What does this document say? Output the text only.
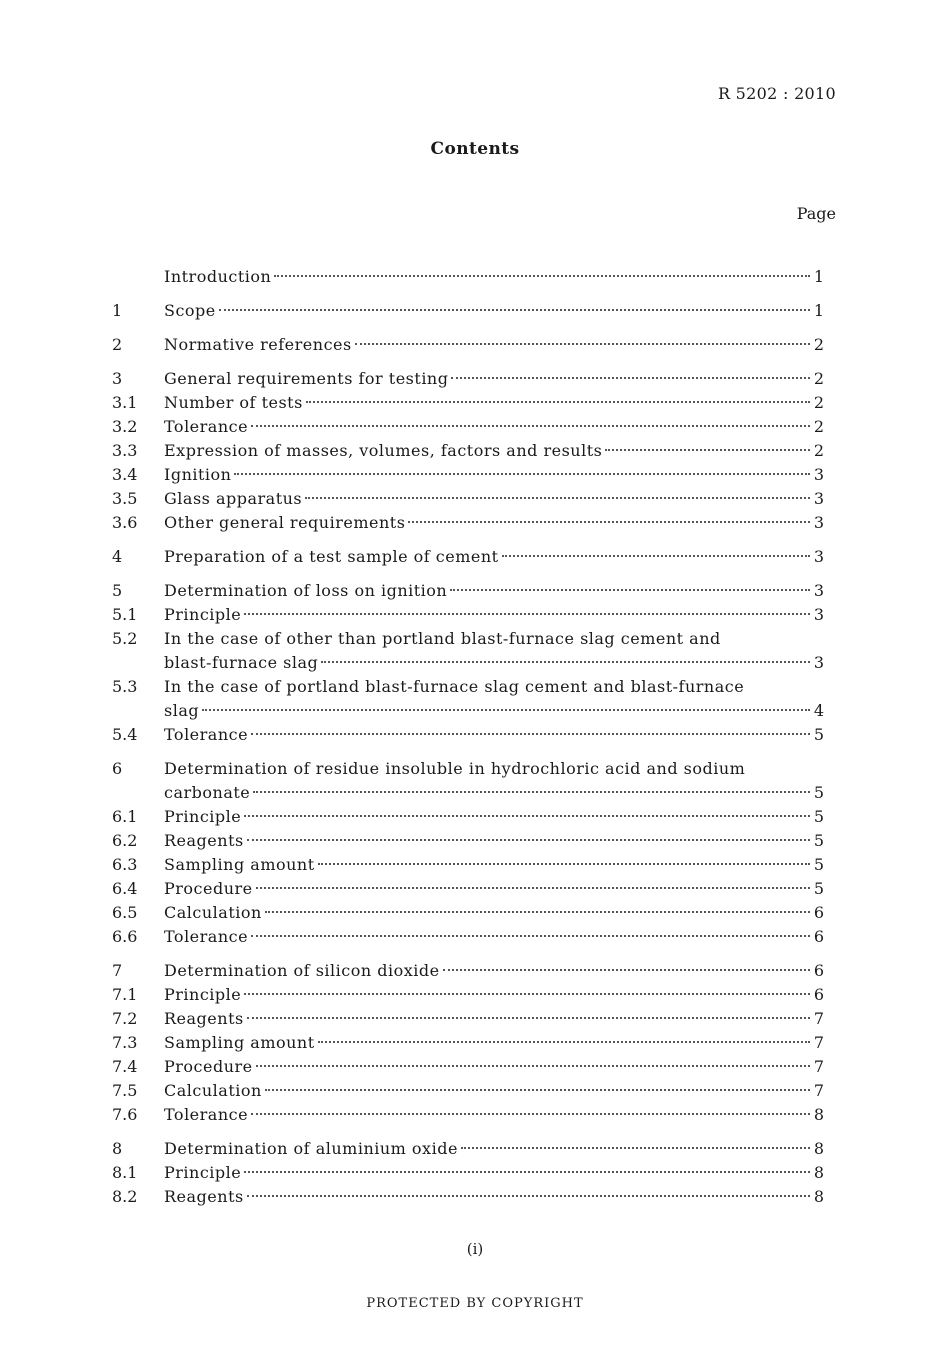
R 5202 : 2010
Contents
Page
Introduction	1
1	Scope	1
2	Normative references	2
3	General requirements for testing	2
3.1	Number of tests	2
3.2	Tolerance	2
3.3	Expression of masses, volumes, factors and results	2
3.4	Ignition	3
3.5	Glass apparatus	3
3.6	Other general requirements	3
4	Preparation of a test sample of cement	3
5	Determination of loss on ignition	3
5.1	Principle	3
5.2	In the case of other than portland blast-furnace slag cement and
blast-furnace slag	3
5.3	In the case of portland blast-furnace slag cement and blast-furnace
slag	4
5.4	Tolerance	5
6	Determination of residue insoluble in hydrochloric acid and sodium
carbonate	5
6.1	Principle	5
6.2	Reagents	5
6.3	Sampling amount	5
6.4	Procedure	5
6.5	Calculation	6
6.6	Tolerance	6
7	Determination of silicon dioxide	6
7.1	Principle	6
7.2	Reagents	7
7.3	Sampling amount	7
7.4	Procedure	7
7.5	Calculation	7
7.6	Tolerance	8
8	Determination of aluminium oxide	8
8.1	Principle	8
8.2	Reagents	8
(i)
PROTECTED BY COPYRIGHT
